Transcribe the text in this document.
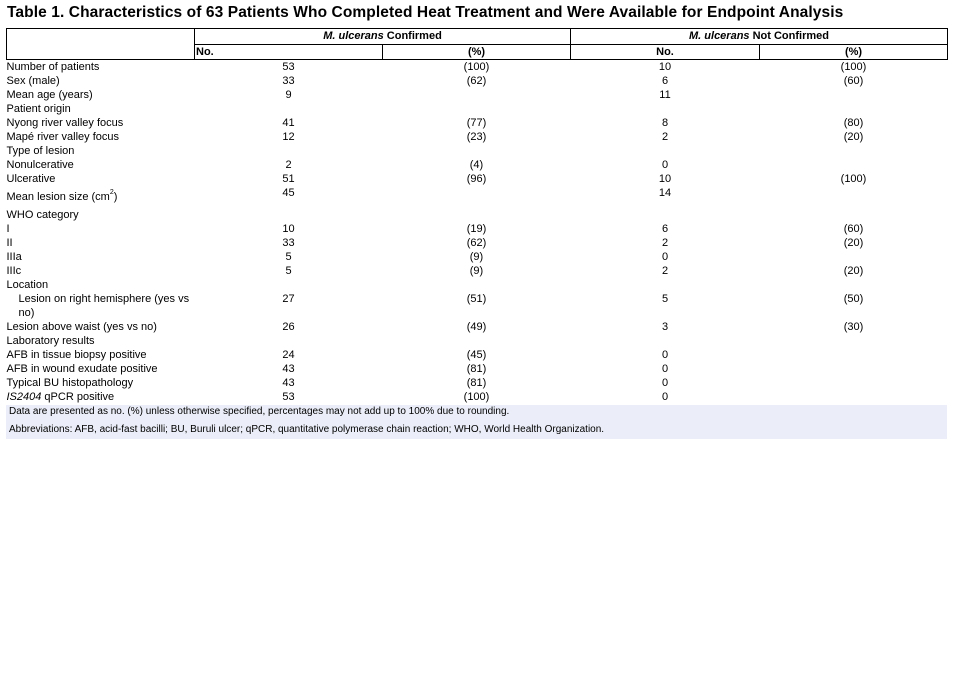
Table 1. Characteristics of 63 Patients Who Completed Heat Treatment and Were Available for Endpoint Analysis
	M. ulcerans Confirmed		M. ulcerans Not Confirmed	
	No.	(%)	No.	(%)
Number of patients	53	(100)	10	(100)
Sex (male)	33	(62)	6	(60)
Mean age (years)	9		11	
Patient origin				
Nyong river valley focus	41	(77)	8	(80)
Mapé river valley focus	12	(23)	2	(20)
Type of lesion				
Nonulcerative	2	(4)	0	
Ulcerative	51	(96)	10	(100)
Mean lesion size $(cm^2)$	45		14	
WHO category				
I	10	(19)	6	(60)
II	33	(62)	2	(20)
IIIa	5	(9)	0	
IIIc	5	(9)	2	(20)
Location				
Lesion on right hemisphere (yes vs no)	27	(51)	5	(50)
Lesion above waist (yes vs no)	26	(49)	3	(30)
Laboratory results				
AFB in tissue biopsy positive	24	(45)	0	
AFB in wound exudate positive	43	(81)	0	
Typical BU histopathology	43	(81)	0	
IS2404 qPCR positive	53	(100)	0	
Data are presented as no. (%) unless otherwise specified, percentages may not add up to 100% due to rounding.
Abbreviations: AFB, acid-fast bacilli; BU, Buruli ulcer; qPCR, quantitative polymerase chain reaction; WHO, World Health Organization.
